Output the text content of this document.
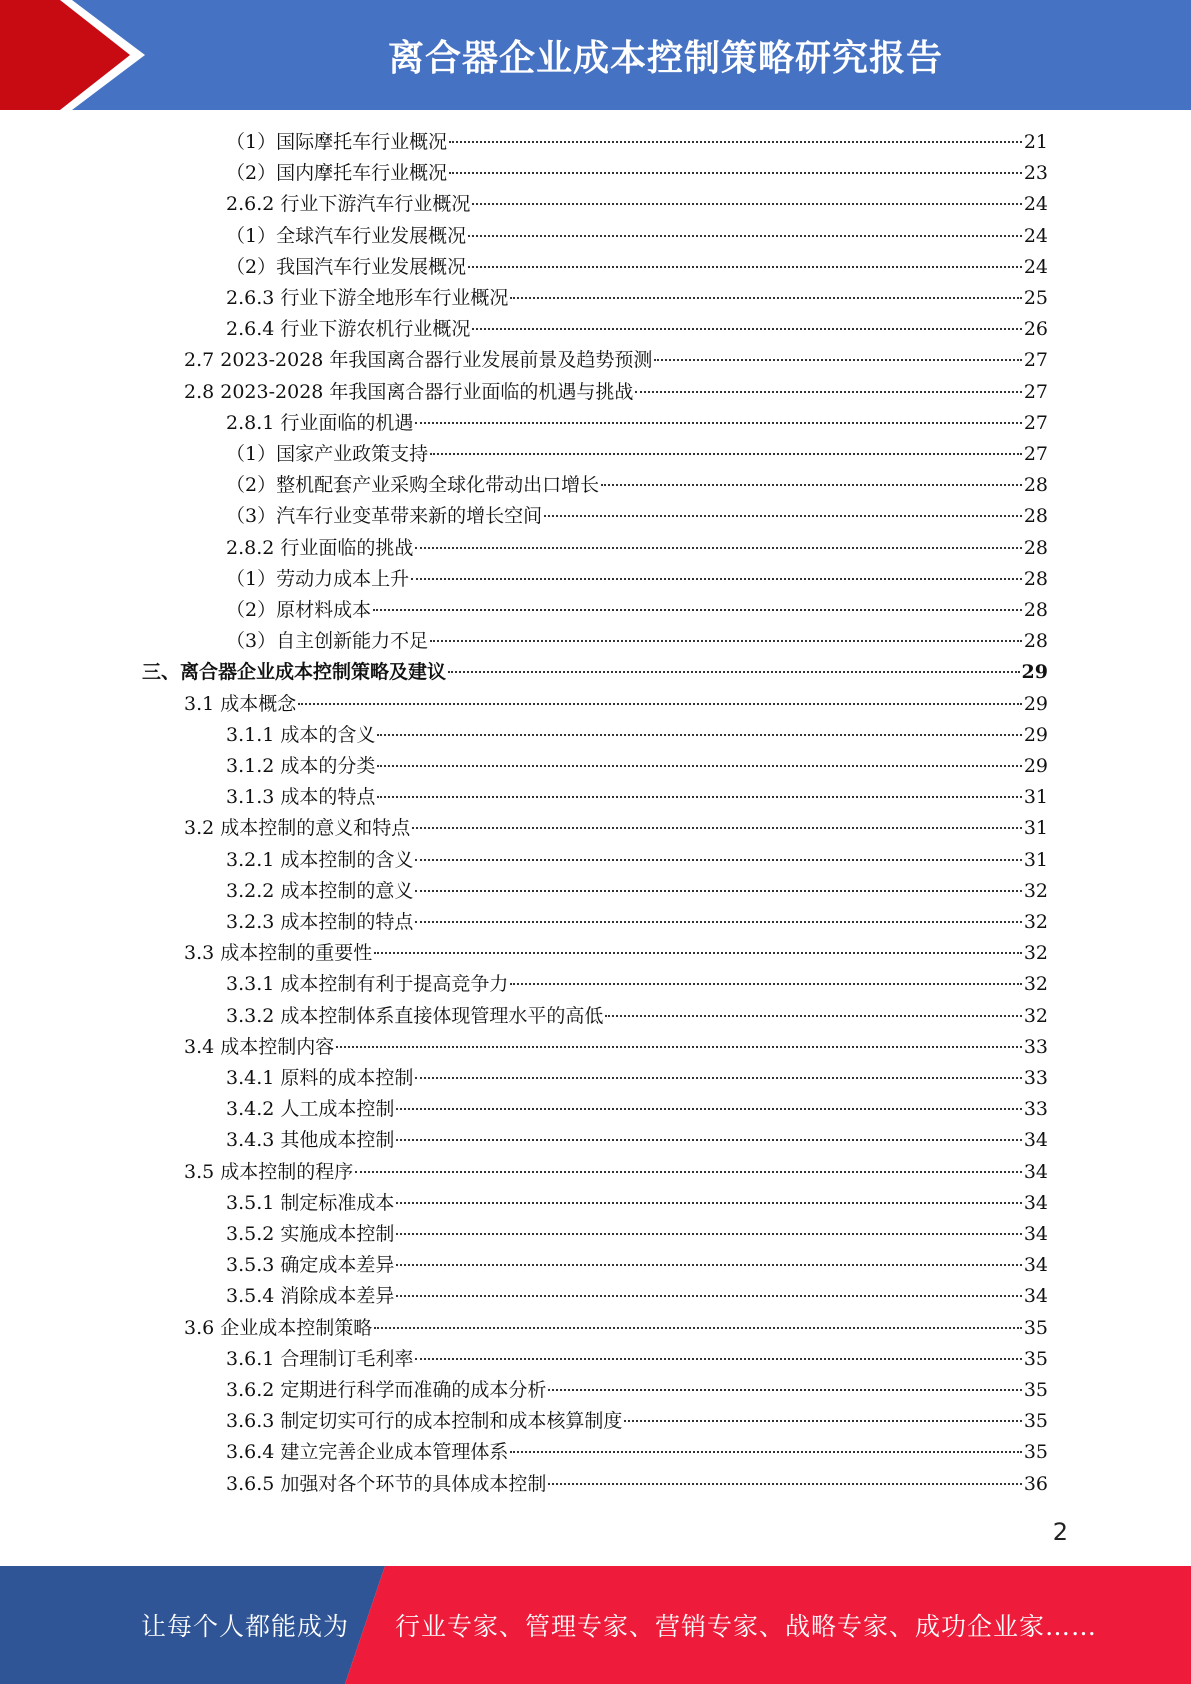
离合器企业成本控制策略研究报告
（1）国际摩托车行业概况	21
（2）国内摩托车行业概况	23
2.6.2 行业下游汽车行业概况	24
（1）全球汽车行业发展概况	24
（2）我国汽车行业发展概况	24
2.6.3 行业下游全地形车行业概况	25
2.6.4 行业下游农机行业概况	26
2.7 2023-2028 年我国离合器行业发展前景及趋势预测	27
2.8 2023-2028 年我国离合器行业面临的机遇与挑战	27
2.8.1 行业面临的机遇	27
（1）国家产业政策支持	27
（2）整机配套产业采购全球化带动出口增长	28
（3）汽车行业变革带来新的增长空间	28
2.8.2 行业面临的挑战	28
（1）劳动力成本上升	28
（2）原材料成本	28
（3）自主创新能力不足	28
三、离合器企业成本控制策略及建议	29
3.1 成本概念	29
3.1.1 成本的含义	29
3.1.2 成本的分类	29
3.1.3 成本的特点	31
3.2 成本控制的意义和特点	31
3.2.1 成本控制的含义	31
3.2.2 成本控制的意义	32
3.2.3 成本控制的特点	32
3.3 成本控制的重要性	32
3.3.1 成本控制有利于提高竞争力	32
3.3.2 成本控制体系直接体现管理水平的高低	32
3.4 成本控制内容	33
3.4.1 原料的成本控制	33
3.4.2 人工成本控制	33
3.4.3 其他成本控制	34
3.5 成本控制的程序	34
3.5.1 制定标准成本	34
3.5.2 实施成本控制	34
3.5.3 确定成本差异	34
3.5.4 消除成本差异	34
3.6 企业成本控制策略	35
3.6.1 合理制订毛利率	35
3.6.2 定期进行科学而准确的成本分析	35
3.6.3 制定切实可行的成本控制和成本核算制度	35
3.6.4 建立完善企业成本管理体系	35
3.6.5 加强对各个环节的具体成本控制	36
2
让每个人都能成为	行业专家、管理专家、营销专家、战略专家、成功企业家……
